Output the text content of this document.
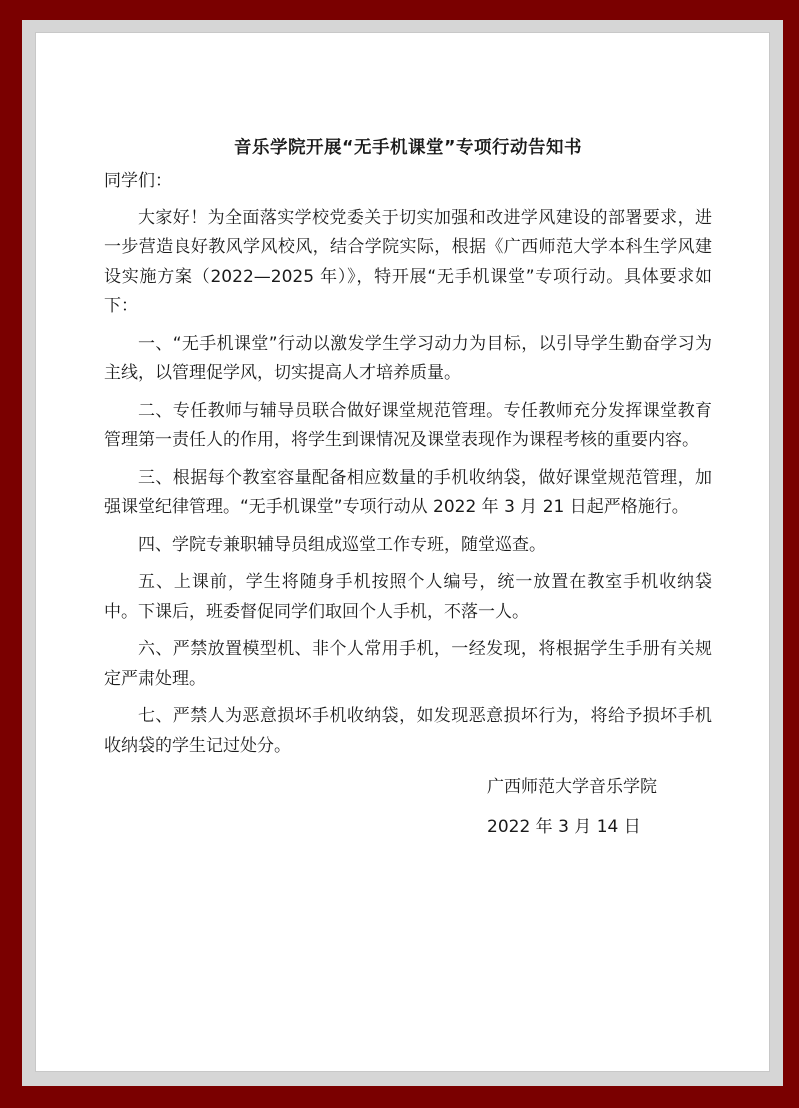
音乐学院开展“无手机课堂”专项行动告知书
同学们：

大家好！为全面落实学校党委关于切实加强和改进学风建设的部署要求，进一步营造良好教风学风校风，结合学院实际，根据《广西师范大学本科生学风建设实施方案（2022—2025 年）》，特开展“无手机课堂”专项行动。具体要求如下：

一、“无手机课堂”行动以激发学生学习动力为目标，以引导学生勤奋学习为主线，以管理促学风，切实提高人才培养质量。

二、专任教师与辅导员联合做好课堂规范管理。专任教师充分发挥课堂教育管理第一责任人的作用，将学生到课情况及课堂表现作为课程考核的重要内容。

三、根据每个教室容量配备相应数量的手机收纳袋，做好课堂规范管理，加强课堂纪律管理。“无手机课堂”专项行动从 2022 年 3 月 21 日起严格施行。

四、学院专兼职辅导员组成巡堂工作专班，随堂巡查。

五、上课前，学生将随身手机按照个人编号，统一放置在教室手机收纳袋中。下课后，班委督促同学们取回个人手机，不落一人。

六、严禁放置模型机、非个人常用手机，一经发现，将根据学生手册有关规定严肃处理。

七、严禁人为恶意损坏手机收纳袋，如发现恶意损坏行为，将给予损坏手机收纳袋的学生记过处分。

广西师范大学音乐学院

2022 年 3 月 14 日
